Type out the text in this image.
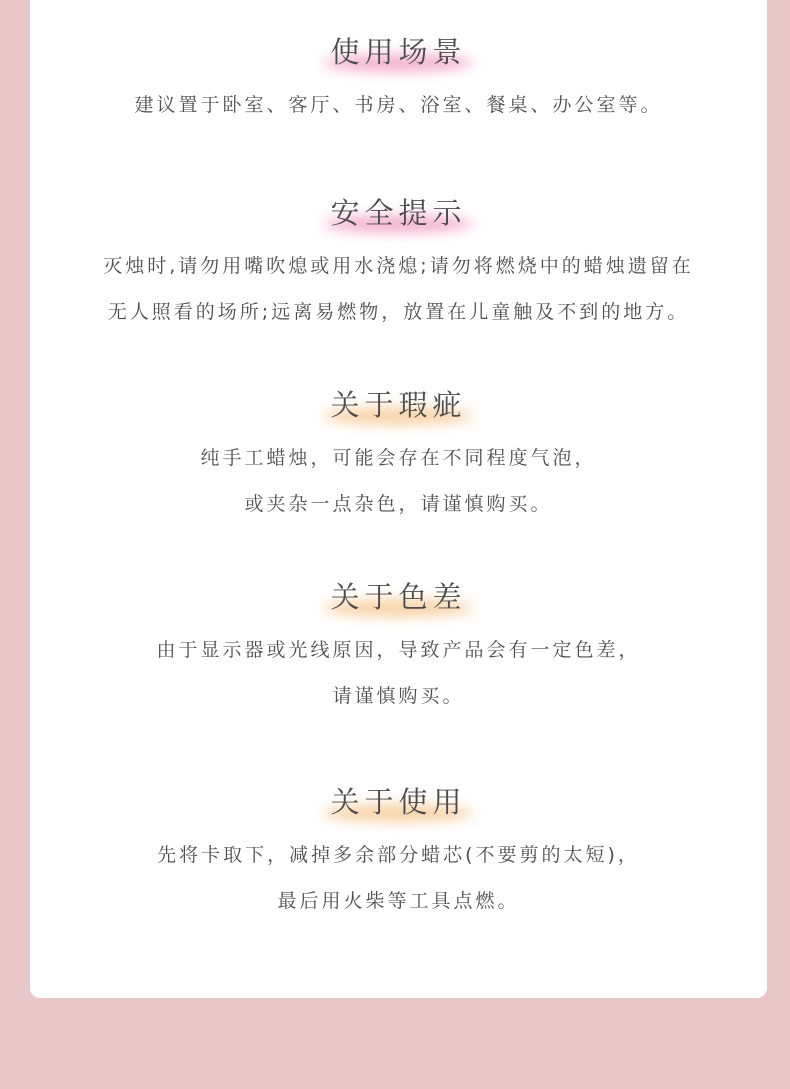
使用场景
建议置于卧室、客厅、书房、浴室、餐桌、办公室等。
安全提示
灭烛时,请勿用嘴吹熄或用水浇熄;请勿将燃烧中的蜡烛遗留在
无人照看的场所;远离易燃物，放置在儿童触及不到的地方。
关于瑕疵
纯手工蜡烛，可能会存在不同程度气泡，
或夹杂一点杂色，请谨慎购买。
关于色差
由于显示器或光线原因，导致产品会有一定色差，
请谨慎购买。
关于使用
先将卡取下，减掉多余部分蜡芯(不要剪的太短)，
最后用火柴等工具点燃。
